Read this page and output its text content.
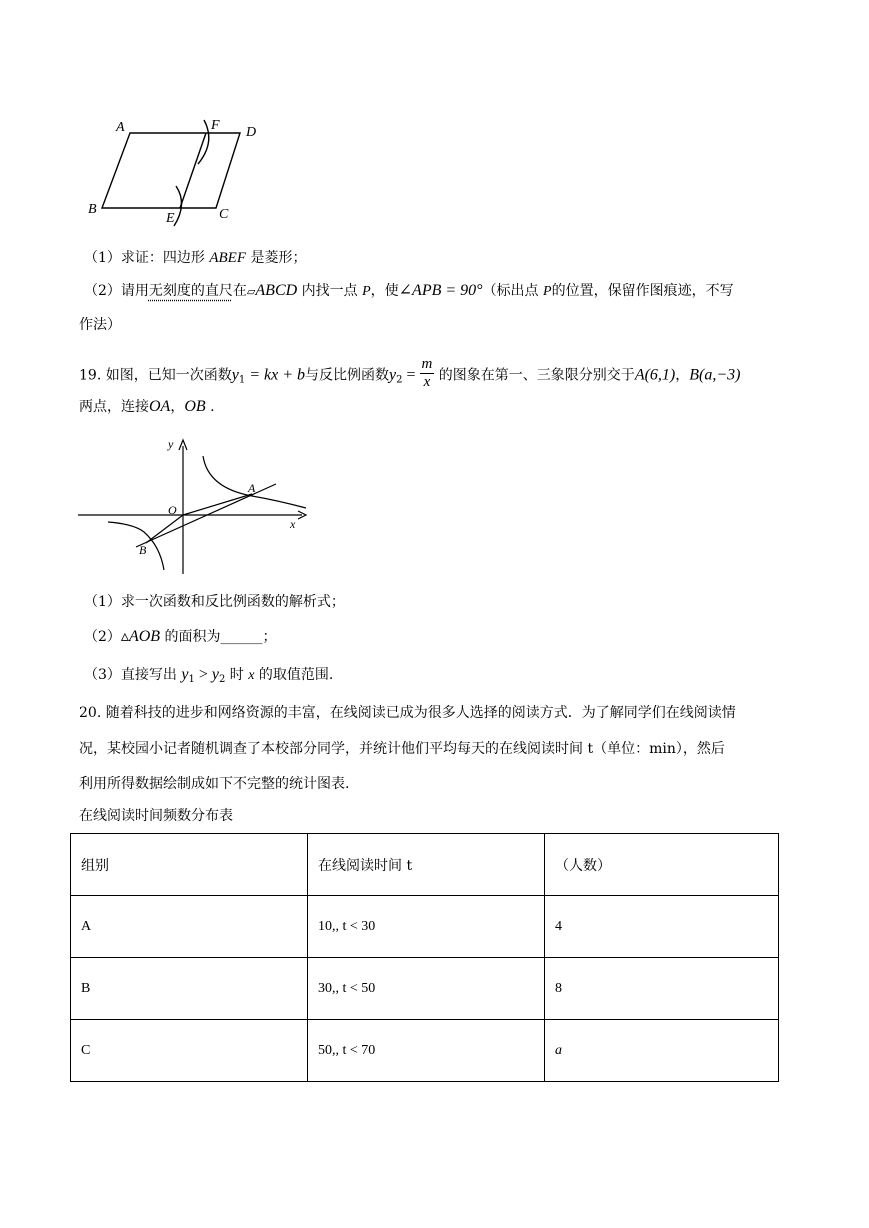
A	F D
B
E	C
（1）求证：四边形 ABEF 是菱形；
（2）请用无刻度的直尺在▱ABCD 内找一点 P，使∠APB = 90°（标出点 P的位置，保留作图痕迹，不写
作法）
19. 如图，已知一次函数$y_1$ = kx + b与反比例函数$y_2 = \frac{m}{x}$ 的图象在第一、三象限分别交于A(6,1)，B(a,−3)
两点，连接OA，OB .
y
x
O
A
B
（1）求一次函数和反比例函数的解析式；
（2）▵AOB 的面积为______；
（3）直接写出 $y_1 > y_2$ 时 x 的取值范围.
20. 随着科技的进步和网络资源的丰富，在线阅读已成为很多人选择的阅读方式．为了解同学们在线阅读情
况，某校园小记者随机调查了本校部分同学，并统计他们平均每天的在线阅读时间 t（单位：min），然后
利用所得数据绘制成如下不完整的统计图表.
在线阅读时间频数分布表
组别	在线阅读时间 t	（人数）
A	10,, t < 30	4
B	30,, t < 50	8
C	50,, t < 70	a
